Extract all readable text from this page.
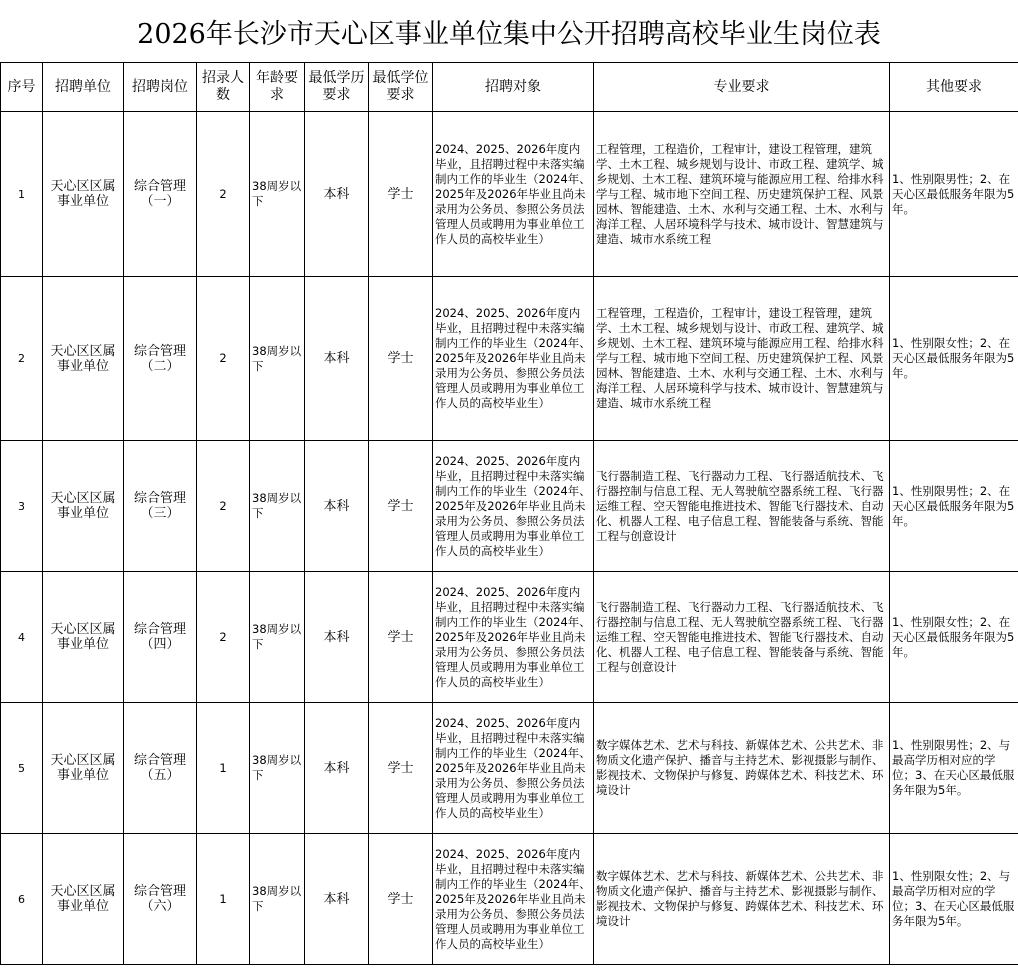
2026年长沙市天心区事业单位集中公开招聘高校毕业生岗位表
序号	招聘单位	招聘岗位	招录人数	年龄要求	最低学历要求	最低学位要求	招聘对象	专业要求	其他要求
1	天心区区属事业单位	综合管理（一）	2	38周岁以下	本科	学士	2024、2025、2026年度内毕业，且招聘过程中未落实编制内工作的毕业生（2024年、2025年及2026年毕业且尚未录用为公务员、参照公务员法管理人员或聘用为事业单位工作人员的高校毕业生）	工程管理，工程造价，工程审计，建设工程管理，建筑学、土木工程、城乡规划与设计、市政工程、建筑学、城乡规划、土木工程、建筑环境与能源应用工程、给排水科学与工程、城市地下空间工程、历史建筑保护工程、风景园林、智能建造、土木、水利与交通工程、土木、水利与海洋工程、人居环境科学与技术、城市设计、智慧建筑与建造、城市水系统工程	1、性别限男性；2、在天心区最低服务年限为5年。
2	天心区区属事业单位	综合管理（二）	2	38周岁以下	本科	学士	2024、2025、2026年度内毕业，且招聘过程中未落实编制内工作的毕业生（2024年、2025年及2026年毕业且尚未录用为公务员、参照公务员法管理人员或聘用为事业单位工作人员的高校毕业生）	工程管理，工程造价，工程审计，建设工程管理，建筑学、土木工程、城乡规划与设计、市政工程、建筑学、城乡规划、土木工程、建筑环境与能源应用工程、给排水科学与工程、城市地下空间工程、历史建筑保护工程、风景园林、智能建造、土木、水利与交通工程、土木、水利与海洋工程、人居环境科学与技术、城市设计、智慧建筑与建造、城市水系统工程	1、性别限女性；2、在天心区最低服务年限为5年。
3	天心区区属事业单位	综合管理（三）	2	38周岁以下	本科	学士	2024、2025、2026年度内毕业，且招聘过程中未落实编制内工作的毕业生（2024年、2025年及2026年毕业且尚未录用为公务员、参照公务员法管理人员或聘用为事业单位工作人员的高校毕业生）	飞行器制造工程、飞行器动力工程、飞行器适航技术、飞行器控制与信息工程、无人驾驶航空器系统工程、飞行器运维工程、空天智能电推进技术、智能飞行器技术、自动化、机器人工程、电子信息工程、智能装备与系统、智能工程与创意设计	1、性别限男性；2、在天心区最低服务年限为5年。
4	天心区区属事业单位	综合管理（四）	2	38周岁以下	本科	学士	2024、2025、2026年度内毕业，且招聘过程中未落实编制内工作的毕业生（2024年、2025年及2026年毕业且尚未录用为公务员、参照公务员法管理人员或聘用为事业单位工作人员的高校毕业生）	飞行器制造工程、飞行器动力工程、飞行器适航技术、飞行器控制与信息工程、无人驾驶航空器系统工程、飞行器运维工程、空天智能电推进技术、智能飞行器技术、自动化、机器人工程、电子信息工程、智能装备与系统、智能工程与创意设计	1、性别限女性；2、在天心区最低服务年限为5年。
5	天心区区属事业单位	综合管理（五）	1	38周岁以下	本科	学士	2024、2025、2026年度内毕业，且招聘过程中未落实编制内工作的毕业生（2024年、2025年及2026年毕业且尚未录用为公务员、参照公务员法管理人员或聘用为事业单位工作人员的高校毕业生）	数字媒体艺术、艺术与科技、新媒体艺术、公共艺术、非物质文化遗产保护、播音与主持艺术、影视摄影与制作、影视技术、文物保护与修复、跨媒体艺术、科技艺术、环境设计	1、性别限男性；2、与最高学历相对应的学位；3、在天心区最低服务年限为5年。
6	天心区区属事业单位	综合管理（六）	1	38周岁以下	本科	学士	2024、2025、2026年度内毕业，且招聘过程中未落实编制内工作的毕业生（2024年、2025年及2026年毕业且尚未录用为公务员、参照公务员法管理人员或聘用为事业单位工作人员的高校毕业生）	数字媒体艺术、艺术与科技、新媒体艺术、公共艺术、非物质文化遗产保护、播音与主持艺术、影视摄影与制作、影视技术、文物保护与修复、跨媒体艺术、科技艺术、环境设计	1、性别限女性；2、与最高学历相对应的学位；3、在天心区最低服务年限为5年。
